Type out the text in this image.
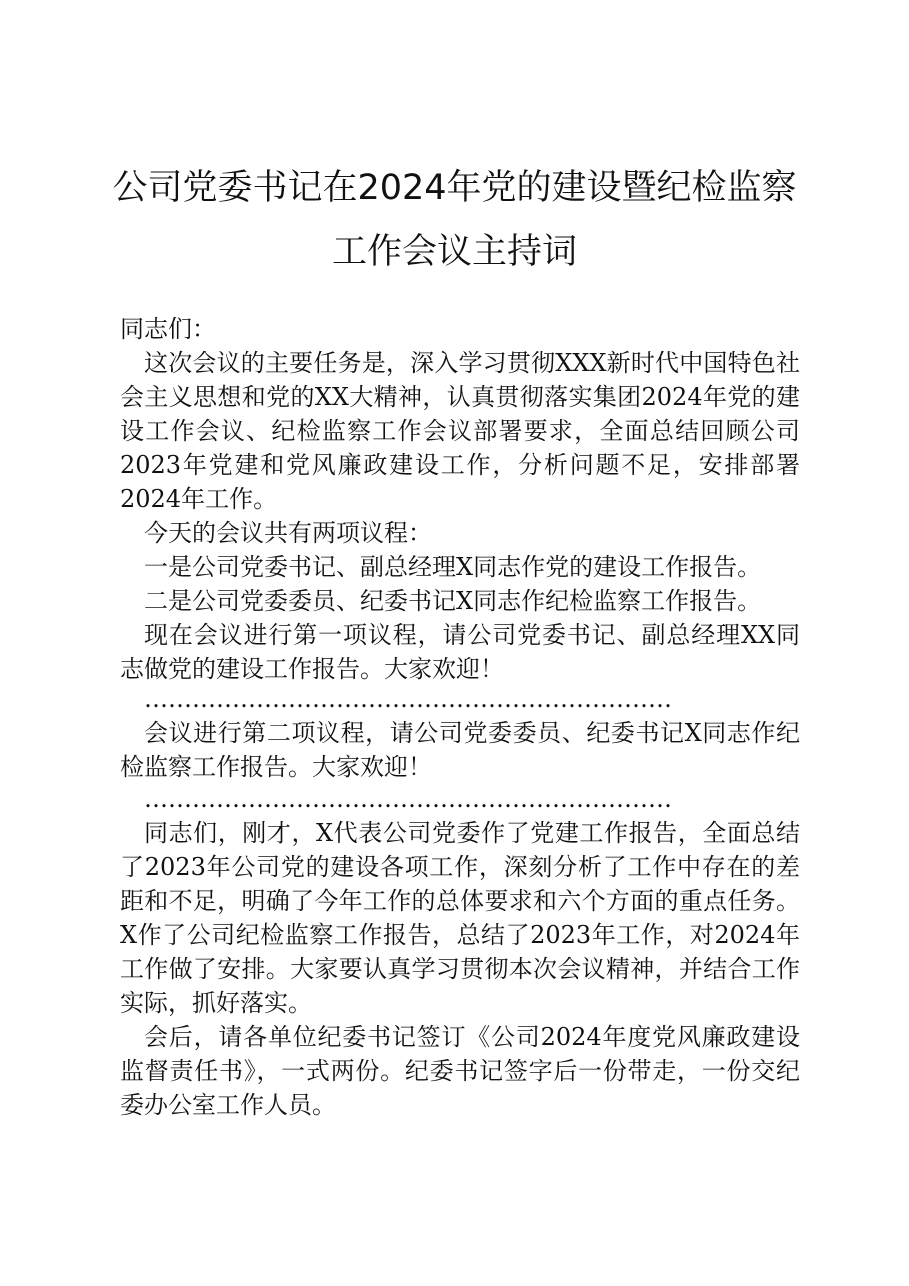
公司党委书记在2024年党的建设暨纪检监察
工作会议主持词

同志们：

这次会议的主要任务是，深入学习贯彻XXX新时代中国特色社会主义思想和党的XX大精神，认真贯彻落实集团2024年党的建设工作会议、纪检监察工作会议部署要求，全面总结回顾公司2023年党建和党风廉政建设工作，分析问题不足，安排部署2024年工作。

今天的会议共有两项议程：

一是公司党委书记、副总经理X同志作党的建设工作报告。

二是公司党委委员、纪委书记X同志作纪检监察工作报告。

现在会议进行第一项议程，请公司党委书记、副总经理XX同志做党的建设工作报告。大家欢迎！

…………………………………………………………

会议进行第二项议程，请公司党委委员、纪委书记X同志作纪检监察工作报告。大家欢迎！

…………………………………………………………

同志们，刚才，X代表公司党委作了党建工作报告，全面总结了2023年公司党的建设各项工作，深刻分析了工作中存在的差距和不足，明确了今年工作的总体要求和六个方面的重点任务。X作了公司纪检监察工作报告，总结了2023年工作，对2024年工作做了安排。大家要认真学习贯彻本次会议精神，并结合工作实际，抓好落实。

会后，请各单位纪委书记签订《公司2024年度党风廉政建设监督责任书》，一式两份。纪委书记签字后一份带走，一份交纪委办公室工作人员。
